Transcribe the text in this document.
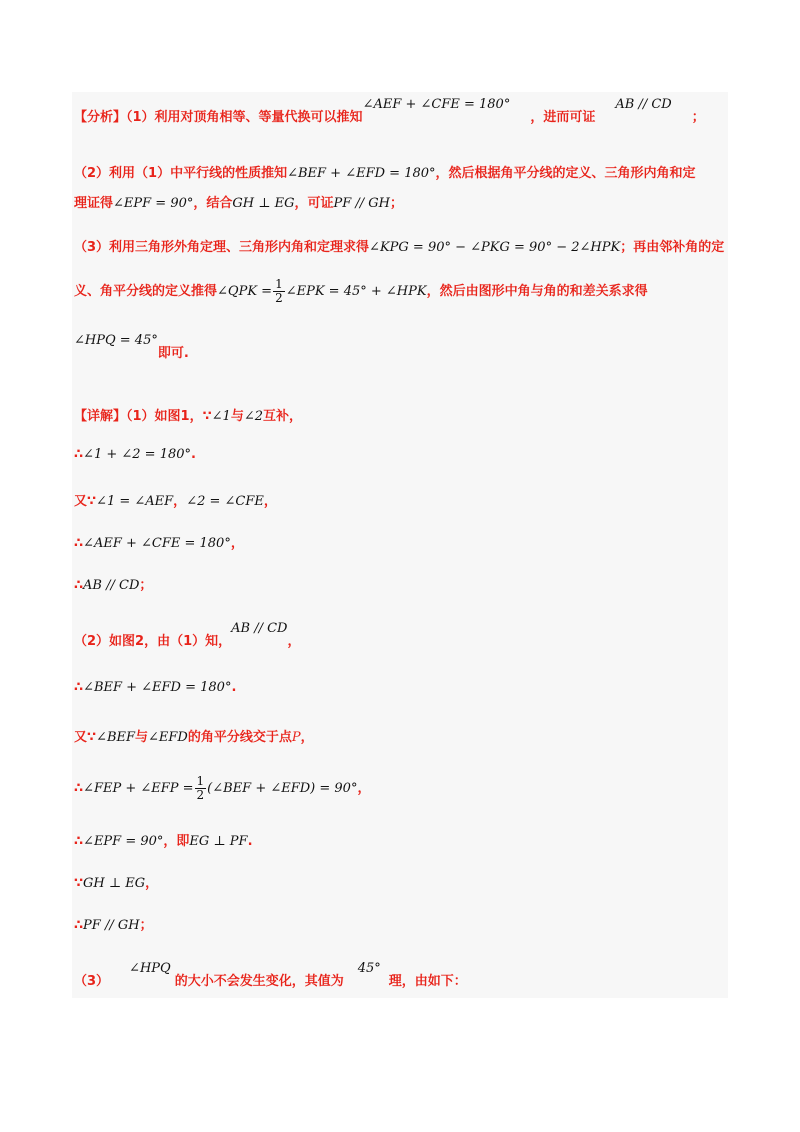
【分析】（1）利用对顶角相等、等量代换可以推知∠AEF + ∠CFE = 180°，进而可证AB // CD；
（2）利用（1）中平行线的性质推知∠BEF + ∠EFD = 180°，然后根据角平分线的定义、三角形内角和定
理证得∠EPF = 90°，结合GH ⊥ EG，可证PF // GH；
（3）利用三角形外角定理、三角形内角和定理求得∠KPG = 90° − ∠PKG = 90° − 2∠HPK；再由邻补角的定
义、角平分线的定义推得∠QPK = $\frac{1}{2}$ ∠EPK = 45° + ∠HPK，然后由图形中角与角的和差关系求得
∠HPQ = 45°即可.
【详解】（1）如图1，∵∠1与∠2互补，
∴∠1 + ∠2 = 180°.
又∵∠1 = ∠AEF，∠2 = ∠CFE，
∴∠AEF + ∠CFE = 180°，
∴AB // CD；
（2）如图2，由（1）知，AB // CD，
∴∠BEF + ∠EFD = 180°.
又∵∠BEF与∠EFD的角平分线交于点P，
∴∠FEP + ∠EFP = $\frac{1}{2}$ (∠BEF + ∠EFD) = 90°，
∴∠EPF = 90°，即EG ⊥ PF.
∵GH ⊥ EG，
∴PF // GH；
（3）∠HPQ的大小不会发生变化，其值为45°理，由如下：
